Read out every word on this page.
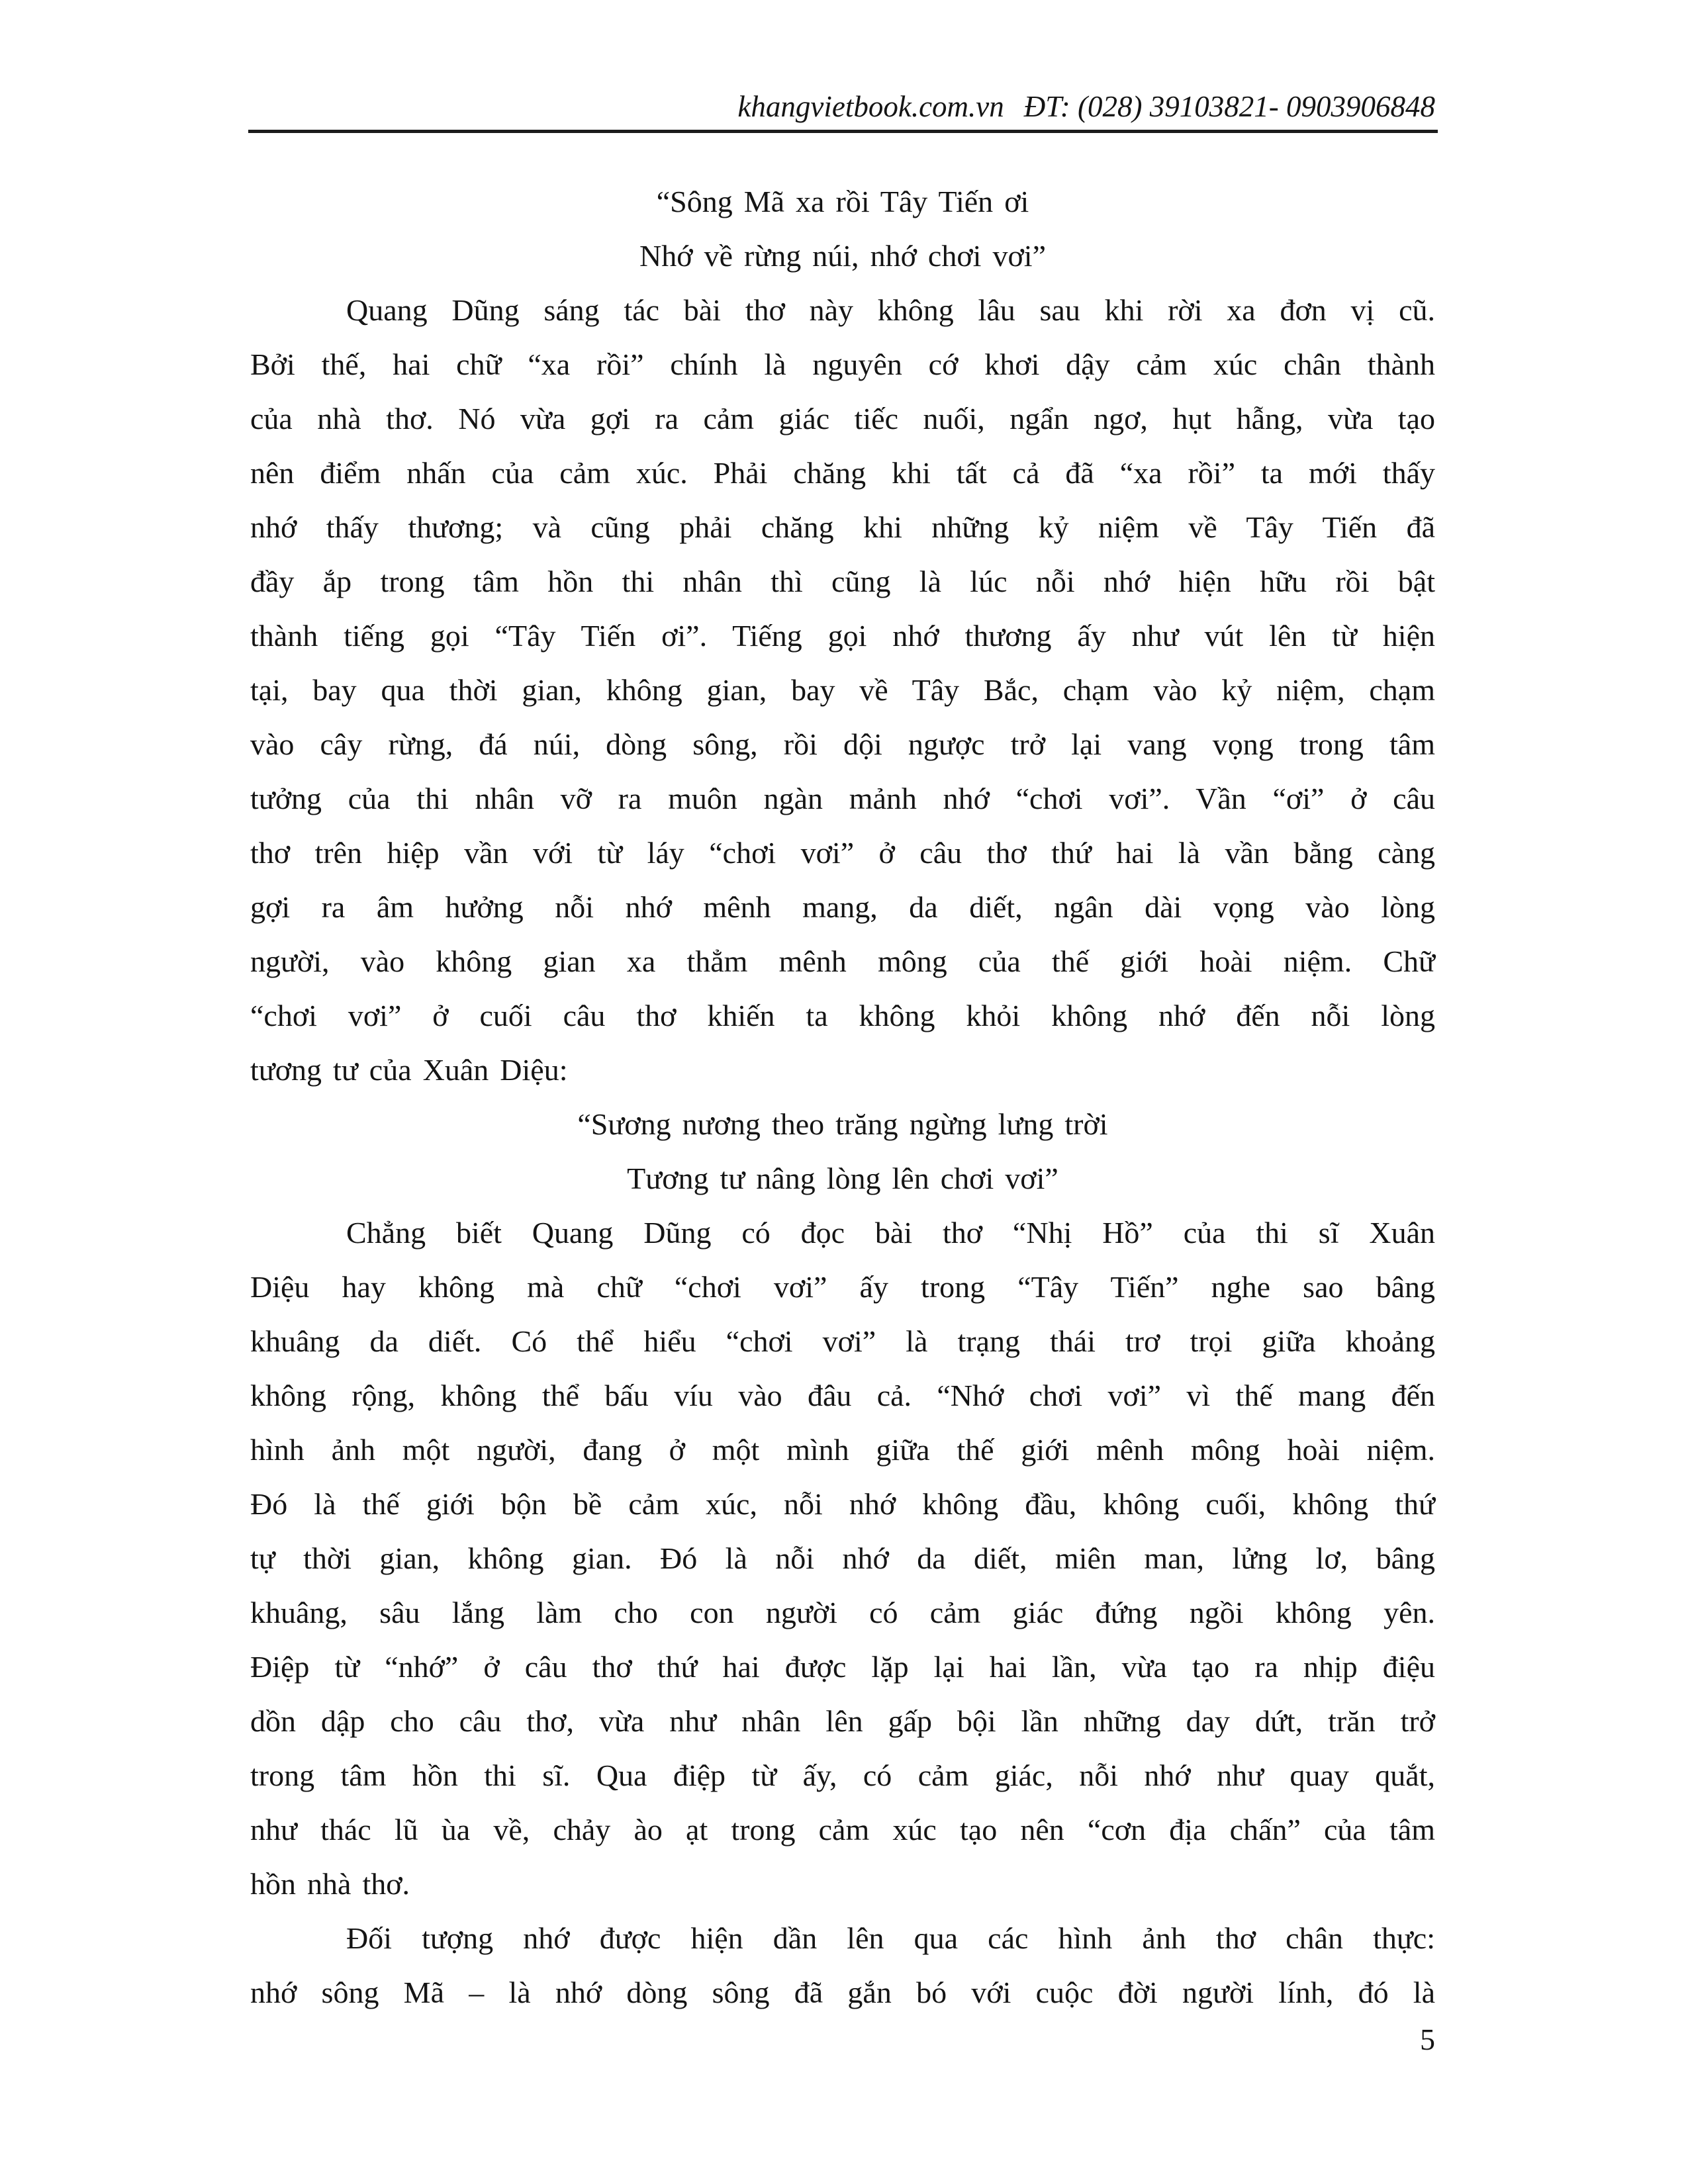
khangvietbook.com.vn ĐT: (028) 39103821- 0903906848
“Sông Mã xa rồi Tây Tiến ơi
Nhớ về rừng núi, nhớ chơi vơi”
Quang Dũng sáng tác bài thơ này không lâu sau khi rời xa đơn vị cũ.
Bởi thế, hai chữ “xa rồi” chính là nguyên cớ khơi dậy cảm xúc chân thành
của nhà thơ. Nó vừa gợi ra cảm giác tiếc nuối, ngẩn ngơ, hụt hẫng, vừa tạo
nên điểm nhấn của cảm xúc. Phải chăng khi tất cả đã “xa rồi” ta mới thấy
nhớ thấy thương; và cũng phải chăng khi những kỷ niệm về Tây Tiến đã
đầy ắp trong tâm hồn thi nhân thì cũng là lúc nỗi nhớ hiện hữu rồi bật
thành tiếng gọi “Tây Tiến ơi”. Tiếng gọi nhớ thương ấy như vút lên từ hiện
tại, bay qua thời gian, không gian, bay về Tây Bắc, chạm vào kỷ niệm, chạm
vào cây rừng, đá núi, dòng sông, rồi dội ngược trở lại vang vọng trong tâm
tưởng của thi nhân vỡ ra muôn ngàn mảnh nhớ “chơi vơi”. Vần “ơi” ở câu
thơ trên hiệp vần với từ láy “chơi vơi” ở câu thơ thứ hai là vần bằng càng
gợi ra âm hưởng nỗi nhớ mênh mang, da diết, ngân dài vọng vào lòng
người, vào không gian xa thẳm mênh mông của thế giới hoài niệm. Chữ
“chơi vơi” ở cuối câu thơ khiến ta không khỏi không nhớ đến nỗi lòng
tương tư của Xuân Diệu:
“Sương nương theo trăng ngừng lưng trời
Tương tư nâng lòng lên chơi vơi”
Chẳng biết Quang Dũng có đọc bài thơ “Nhị Hồ” của thi sĩ Xuân
Diệu hay không mà chữ “chơi vơi” ấy trong “Tây Tiến” nghe sao bâng
khuâng da diết. Có thể hiểu “chơi vơi” là trạng thái trơ trọi giữa khoảng
không rộng, không thể bấu víu vào đâu cả. “Nhớ chơi vơi” vì thế mang đến
hình ảnh một người, đang ở một mình giữa thế giới mênh mông hoài niệm.
Đó là thế giới bộn bề cảm xúc, nỗi nhớ không đầu, không cuối, không thứ
tự thời gian, không gian. Đó là nỗi nhớ da diết, miên man, lửng lơ, bâng
khuâng, sâu lắng làm cho con người có cảm giác đứng ngồi không yên.
Điệp từ “nhớ” ở câu thơ thứ hai được lặp lại hai lần, vừa tạo ra nhịp điệu
dồn dập cho câu thơ, vừa như nhân lên gấp bội lần những day dứt, trăn trở
trong tâm hồn thi sĩ. Qua điệp từ ấy, có cảm giác, nỗi nhớ như quay quắt,
như thác lũ ùa về, chảy ào ạt trong cảm xúc tạo nên “cơn địa chấn” của tâm
hồn nhà thơ.
Đối tượng nhớ được hiện dần lên qua các hình ảnh thơ chân thực:
nhớ sông Mã – là nhớ dòng sông đã gắn bó với cuộc đời người lính, đó là
5
